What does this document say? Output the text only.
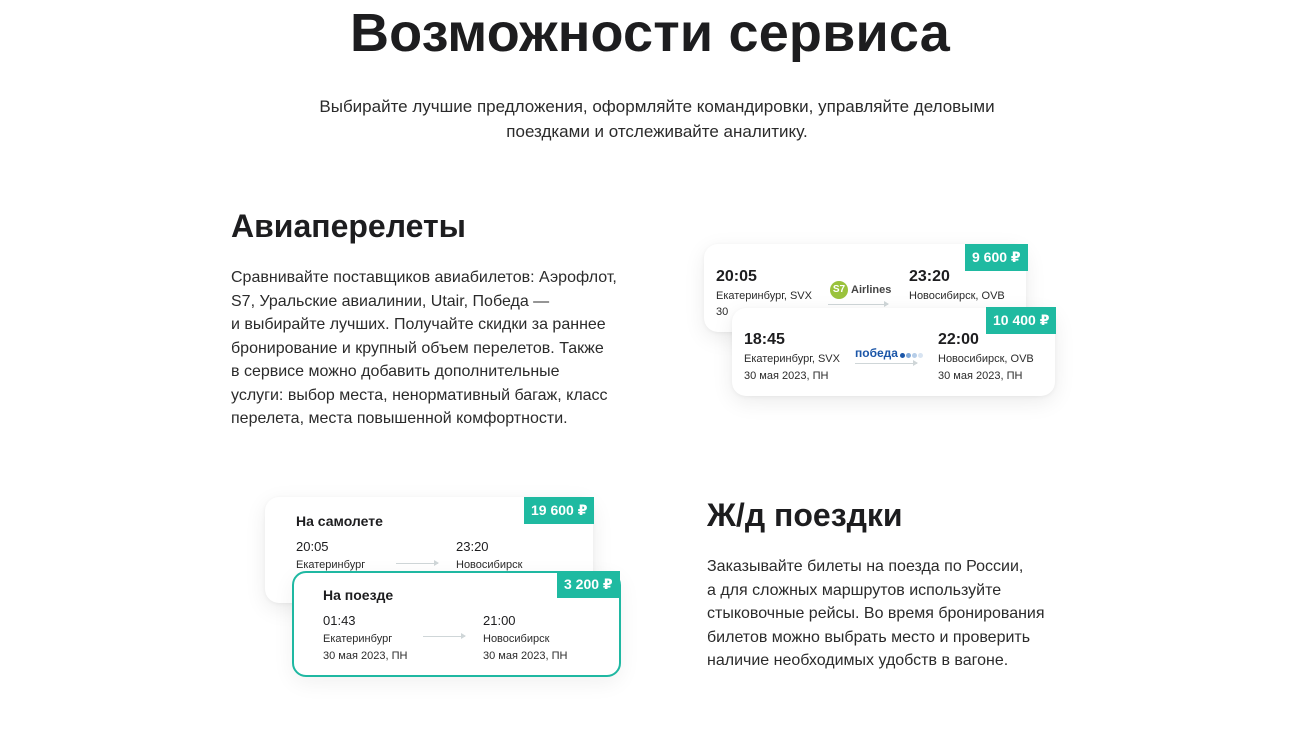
Возможности сервиса
Выбирайте лучшие предложения, оформляйте командировки, управляйте деловыми
поездками и отслеживайте аналитику.
Авиаперелеты
Сравнивайте поставщиков авиабилетов: Аэрофлот,
S7, Уральские авиалинии, Utair, Победа —
и выбирайте лучших. Получайте скидки за раннее
бронирование и крупный объем перелетов. Также
в сервисе можно добавить дополнительные
услуги: выбор места, ненормативный багаж, класс
перелета, места повышенной комфортности.
20:05
Екатеринбург, SVX
30
S7 Airlines
23:20
Новосибирск, OVB
9 600 ₽
18:45
Екатеринбург, SVX
30 мая 2023, ПН
победа
22:00
Новосибирск, OVB
30 мая 2023, ПН
10 400 ₽
Ж/д поездки
Заказывайте билеты на поезда по России,
а для сложных маршрутов используйте
стыковочные рейсы. Во время бронирования
билетов можно выбрать место и проверить
наличие необходимых удобств в вагоне.
На самолете
20:05
Екатеринбург
23:20
Новосибирск
19 600 ₽
На поезде
01:43
Екатеринбург
30 мая 2023, ПН
21:00
Новосибирск
30 мая 2023, ПН
3 200 ₽
